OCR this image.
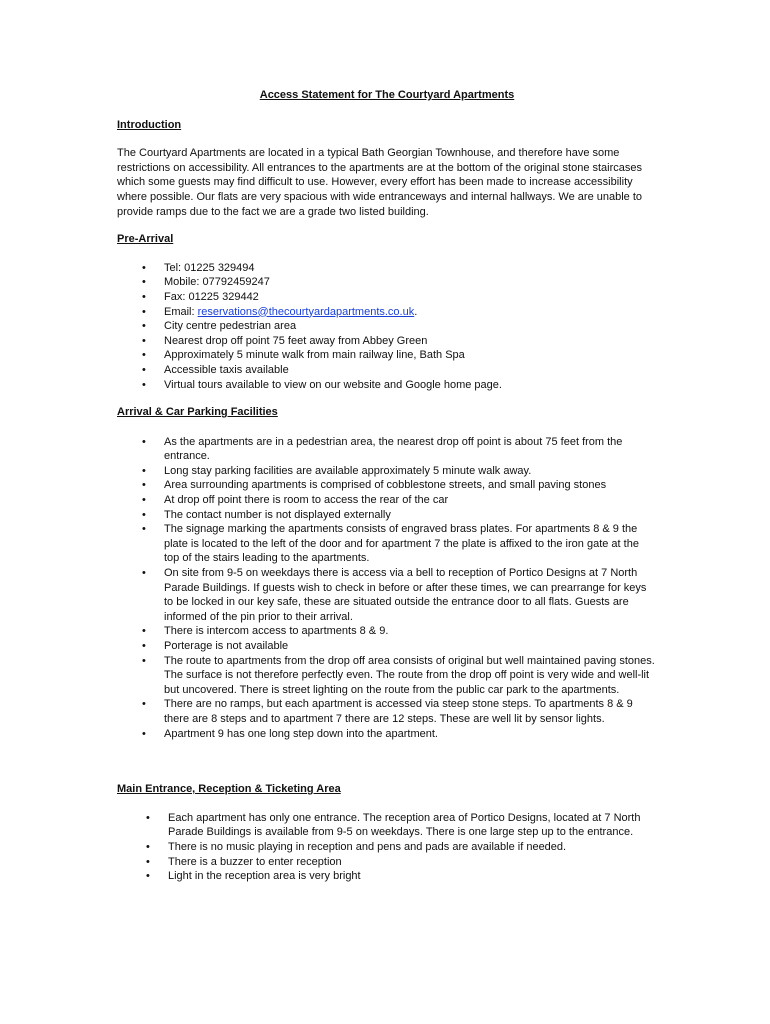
Access Statement for The Courtyard Apartments
Introduction

The Courtyard Apartments are located in a typical Bath Georgian Townhouse, and therefore have some restrictions on accessibility. All entrances to the apartments are at the bottom of the original stone staircases which some guests may find difficult to use. However, every effort has been made to increase accessibility where possible. Our flats are very spacious with wide entranceways and internal hallways. We are unable to provide ramps due to the fact we are a grade two listed building.

Pre-Arrival
• Tel: 01225 329494
• Mobile: 07792459247
• Fax: 01225 329442
• Email: reservations@thecourtyardapartments.co.uk.
• City centre pedestrian area
• Nearest drop off point 75 feet away from Abbey Green
• Approximately 5 minute walk from main railway line, Bath Spa
• Accessible taxis available
• Virtual tours available to view on our website and Google home page.
Arrival & Car Parking Facilities
• As the apartments are in a pedestrian area, the nearest drop off point is about 75 feet from the entrance.
• Long stay parking facilities are available approximately 5 minute walk away.
• Area surrounding apartments is comprised of cobblestone streets, and small paving stones
• At drop off point there is room to access the rear of the car
• The contact number is not displayed externally
• The signage marking the apartments consists of engraved brass plates. For apartments 8 & 9 the plate is located to the left of the door and for apartment 7 the plate is affixed to the iron gate at the top of the stairs leading to the apartments.
• On site from 9-5 on weekdays there is access via a bell to reception of Portico Designs at 7 North Parade Buildings. If guests wish to check in before or after these times, we can prearrange for keys to be locked in our key safe, these are situated outside the entrance door to all flats. Guests are informed of the pin prior to their arrival.
• There is intercom access to apartments 8 & 9.
• Porterage is not available
• The route to apartments from the drop off area consists of original but well maintained paving stones. The surface is not therefore perfectly even. The route from the drop off point is very wide and well-lit but uncovered. There is street lighting on the route from the public car park to the apartments.
• There are no ramps, but each apartment is accessed via steep stone steps. To apartments 8 & 9 there are 8 steps and to apartment 7 there are 12 steps. These are well lit by sensor lights.
• Apartment 9 has one long step down into the apartment.
Main Entrance, Reception & Ticketing Area
• Each apartment has only one entrance. The reception area of Portico Designs, located at 7 North Parade Buildings is available from 9-5 on weekdays. There is one large step up to the entrance.
• There is no music playing in reception and pens and pads are available if needed.
• There is a buzzer to enter reception
• Light in the reception area is very bright
